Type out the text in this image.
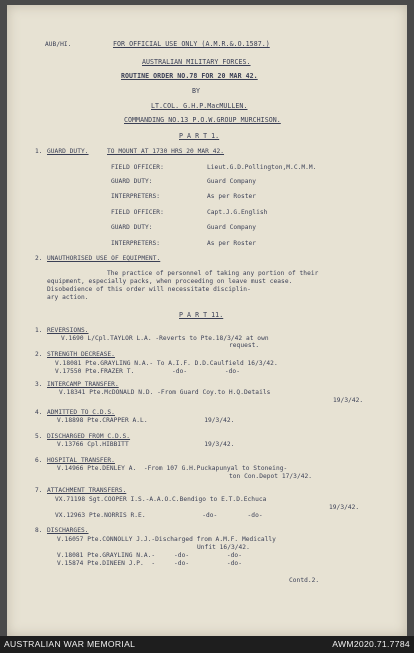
AUB/HI.	FOR OFFICIAL USE ONLY (A.M.R.&.O.1587.)
AUSTRALIAN MILITARY FORCES.
ROUTINE ORDER NO.78 FOR 20 MAR 42.
BY
LT.COL. G.H.P.MacMULLEN.
COMMANDING NO.13 P.O.W.GROUP MURCHISON.
P A R T 1.
1. GUARD DUTY.	TO MOUNT AT 1730 HRS 20 MAR 42.
FIELD OFFICER:	Lieut.G.D.Pollington,M.C.M.M.
GUARD DUTY:	Guard Company
INTERPRETERS:	As per Roster
FIELD OFFICER:	Capt.J.G.English
GUARD DUTY:	Guard Company
INTERPRETERS:	As per Roster
2. UNAUTHORISED USE OF EQUIPMENT.
The practice of personnel of taking any portion of their
equipment, especially packs, when proceeding on leave must cease.
Disobedience of this order will necessitate disciplin-
ary action.
P A R T 11.
1. REVERSIONS.
V.1690 L/Cpl.TAYLOR L.A. -Reverts to Pte.18/3/42 at own
request.
2. STRENGTH DECREASE.
V.18081 Pte.GRAYLING N.A.- To A.I.F. D.D.Caulfield 16/3/42.
V.17550 Pte.FRAZER T.          -do-          -do-
3. INTERCAMP TRANSFER.
V.18341 Pte.McDONALD N.D. -From Guard Coy.to H.Q.Details
19/3/42.
4. ADMITTED TO C.D.S.
V.18898 Pte.CRAPPER A.L.               19/3/42.
5. DISCHARGED FROM C.D.S.
V.13766 Cpl.HIBBITT                    19/3/42.
6. HOSPITAL TRANSFER.
V.14966 Pte.DENLEY A.  -From 107 G.H.Puckapunyal to Stoneing-
ton Con.Depot 17/3/42.
7. ATTACHMENT TRANSFERS.
VX.71198 Sgt.COOPER I.S.-A.A.O.C.Bendigo to E.T.D.Echuca
19/3/42.
VX.12963 Pte.NORRIS R.E.               -do-        -do-
8. DISCHARGES.
V.16057 Pte.CONNOLLY J.J.-Discharged from A.M.F. Medically
Unfit 16/3/42.
V.18081 Pte.GRAYLING N.A.-     -do-          -do-
V.15874 Pte.DINEEN J.P.  -     -do-          -do-
Contd.2.
AUSTRALIAN WAR MEMORIAL	AWM2020.71.7784
